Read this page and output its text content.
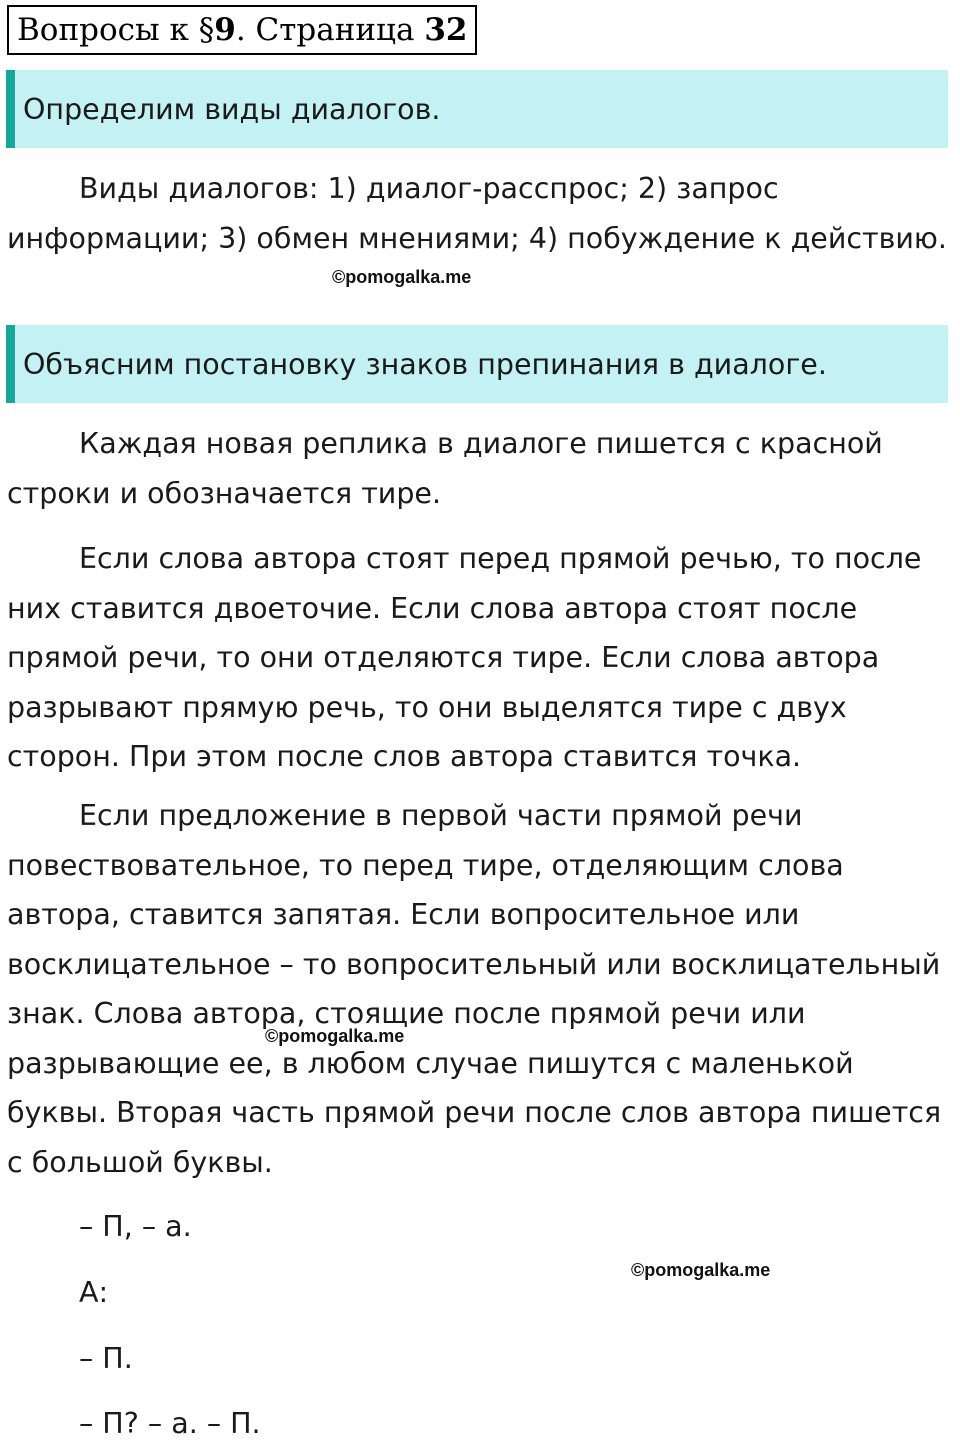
Вопросы к § 9 . Страница 32
Определим виды диалогов.

Виды диалогов: 1) диалог-расспрос; 2) запрос информации; 3) обмен мнениями; 4) побуждение к действию.

©pomogalka.me
Объясним постановку знаков препинания в диалоге.

Каждая новая реплика в диалоге пишется с красной строки и обозначается тире.

Если слова автора стоят перед прямой речью, то после них ставится двоеточие. Если слова автора стоят после прямой речи, то они отделяются тире. Если слова автора разрывают прямую речь, то они выделятся тире с двух сторон. При этом после слов автора ставится точка.

Если предложение в первой части прямой речи повествовательное, то перед тире, отделяющим слова автора, ставится запятая. Если вопросительное или восклицательное – то вопросительный или восклицательный знак. Слова автора, стоящие после прямой речи или разрывающие ее, в любом случае пишутся с маленькой буквы. Вторая часть прямой речи после слов автора пишется с большой буквы.

©pomogalka.me
– П, – а.
А:
– П.
– П? – а. – П.
©pomogalka.me
